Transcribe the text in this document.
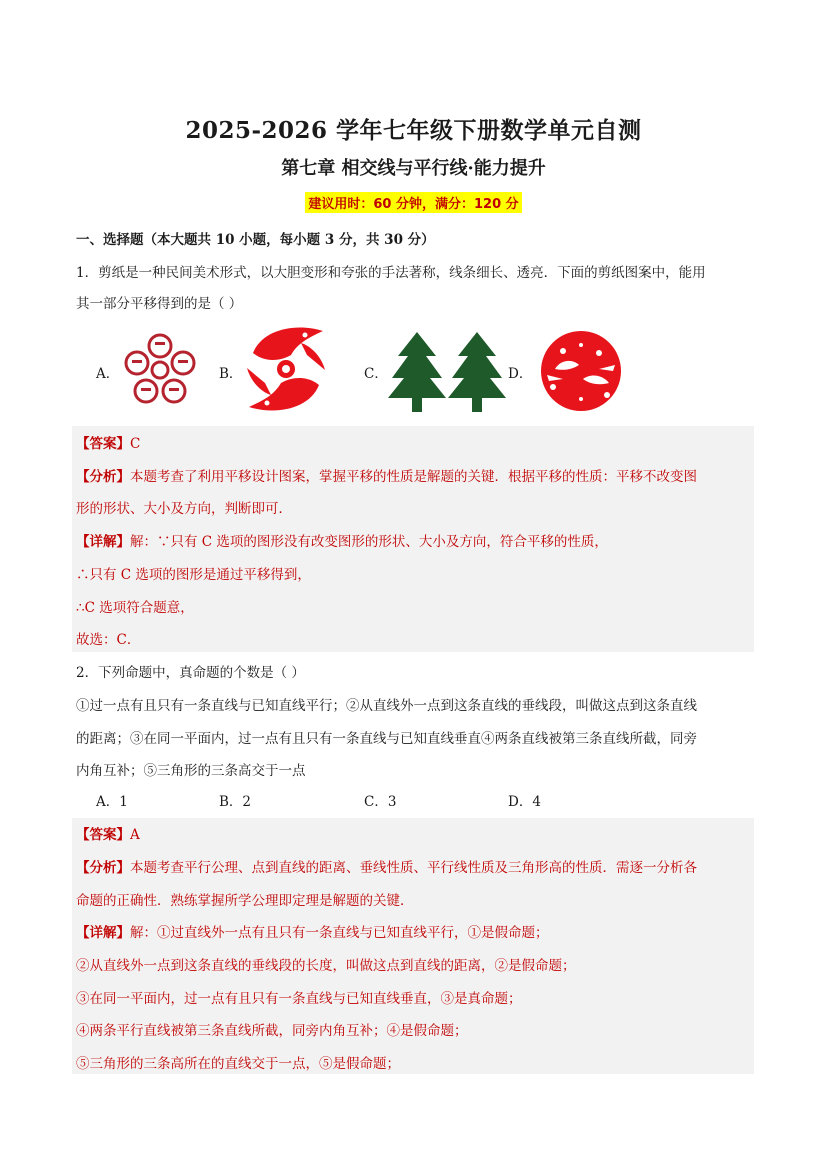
2025-2026 学年七年级下册数学单元自测
第七章 相交线与平行线·能力提升
建议用时：60 分钟，满分：120 分
一、选择题（本大题共 10 小题，每小题 3 分，共 30 分）
1．剪纸是一种民间美术形式，以大胆变形和夸张的手法著称，线条细长、透亮．下面的剪纸图案中，能用
其一部分平移得到的是（ ）
A．	B．	C．	D．
【答案】C
【分析】本题考查了利用平移设计图案，掌握平移的性质是解题的关键．根据平移的性质：平移不改变图
形的形状、大小及方向，判断即可．
【详解】解：∵只有 C 选项的图形没有改变图形的形状、大小及方向，符合平移的性质，
∴只有 C 选项的图形是通过平移得到，
∴C 选项符合题意，
故选：C．
2．下列命题中，真命题的个数是（ ）
①过一点有且只有一条直线与已知直线平行；②从直线外一点到这条直线的垂线段，叫做这点到这条直线
的距离；③在同一平面内，过一点有且只有一条直线与已知直线垂直④两条直线被第三条直线所截，同旁
内角互补；⑤三角形的三条高交于一点
A．1	B．2	C．3	D．4
【答案】A
【分析】本题考查平行公理、点到直线的距离、垂线性质、平行线性质及三角形高的性质．需逐一分析各
命题的正确性．熟练掌握所学公理即定理是解题的关键．
【详解】解：①过直线外一点有且只有一条直线与已知直线平行，①是假命题；
②从直线外一点到这条直线的垂线段的长度，叫做这点到直线的距离，②是假命题；
③在同一平面内，过一点有且只有一条直线与已知直线垂直，③是真命题；
④两条平行直线被第三条直线所截，同旁内角互补；④是假命题；
⑤三角形的三条高所在的直线交于一点，⑤是假命题；
